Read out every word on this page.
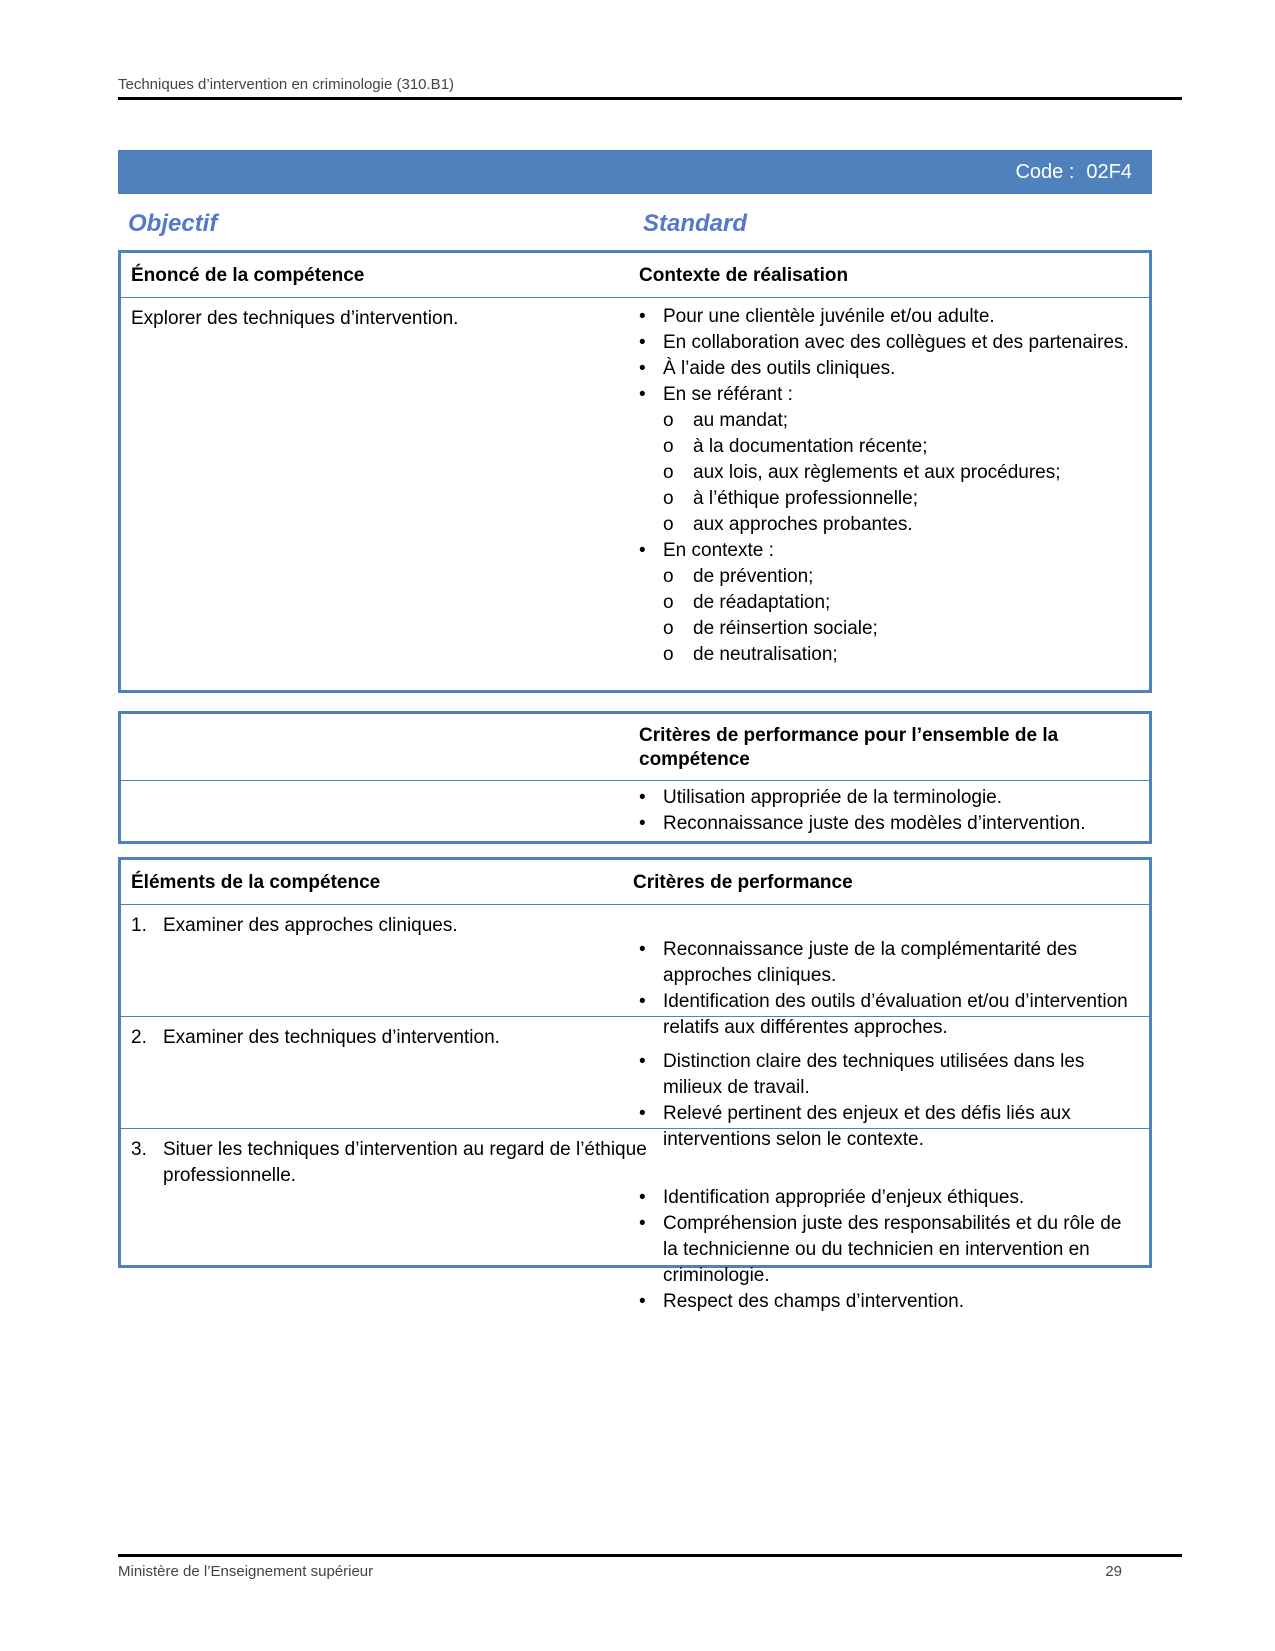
Techniques d’intervention en criminologie (310.B1)
Code : 02F4
Objectif	Standard
Énoncé de la compétence	Contexte de réalisation
Explorer des techniques d’intervention.
•	Pour une clientèle juvénile et/ou adulte.
• En collaboration avec des collègues et des partenaires.
• À l’aide des outils cliniques.
• En se référant :
o au mandat;
o à la documentation récente;
o aux lois, aux règlements et aux procédures;
o à l’éthique professionnelle;
o aux approches probantes.
• En contexte :
o de prévention;
o de réadaptation;
o de réinsertion sociale;
o de neutralisation;
Critères de performance pour l’ensemble de la compétence
• Utilisation appropriée de la terminologie.
• Reconnaissance juste des modèles d’intervention.
Éléments de la compétence	Critères de performance
1. Examiner des approches cliniques.
• Reconnaissance juste de la complémentarité des approches cliniques.
• Identification des outils d’évaluation et/ou d’intervention relatifs aux différentes approches.
2. Examiner des techniques d’intervention.
• Distinction claire des techniques utilisées dans les milieux de travail.
• Relevé pertinent des enjeux et des défis liés aux interventions selon le contexte.
3. Situer les techniques d’intervention au regard de l’éthique professionnelle.
• Identification appropriée d’enjeux éthiques.
• Compréhension juste des responsabilités et du rôle de la technicienne ou du technicien en intervention en criminologie.
• Respect des champs d’intervention.
Ministère de l’Enseignement supérieur	29
